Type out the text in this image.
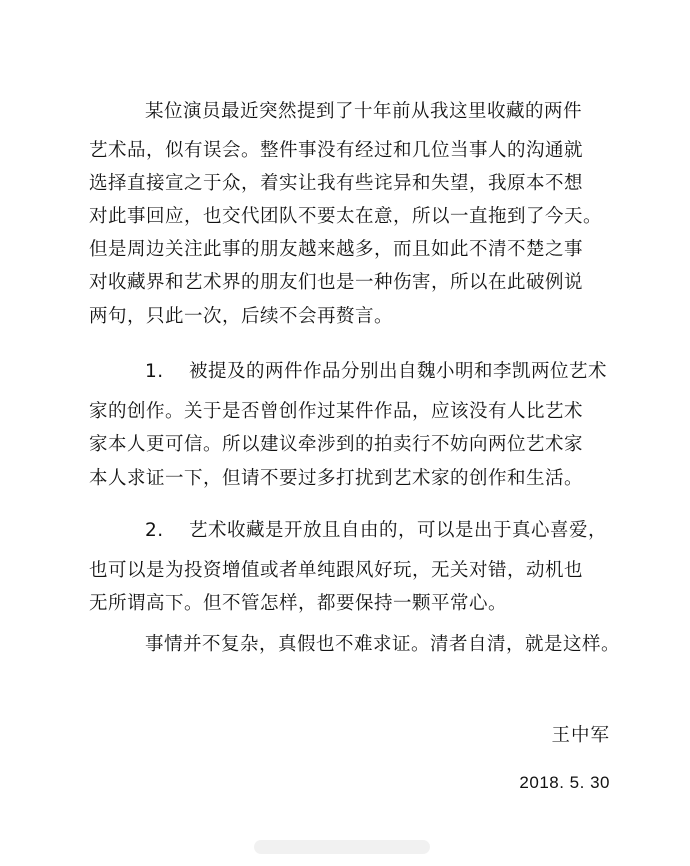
某位演员最近突然提到了十年前从我这里收藏的两件
艺术品，似有误会。整件事没有经过和几位当事人的沟通就
选择直接宣之于众，着实让我有些诧异和失望，我原本不想
对此事回应，也交代团队不要太在意，所以一直拖到了今天。
但是周边关注此事的朋友越来越多，而且如此不清不楚之事
对收藏界和艺术界的朋友们也是一种伤害，所以在此破例说
两句，只此一次，后续不会再赘言。
1.　 被提及的两件作品分别出自魏小明和李凯两位艺术
家的创作。关于是否曾创作过某件作品，应该没有人比艺术
家本人更可信。所以建议牵涉到的拍卖行不妨向两位艺术家
本人求证一下，但请不要过多打扰到艺术家的创作和生活。
2.　 艺术收藏是开放且自由的，可以是出于真心喜爱，
也可以是为投资增值或者单纯跟风好玩，无关对错，动机也
无所谓高下。但不管怎样，都要保持一颗平常心。
事情并不复杂，真假也不难求证。清者自清，就是这样。
王中军
2018. 5. 30
